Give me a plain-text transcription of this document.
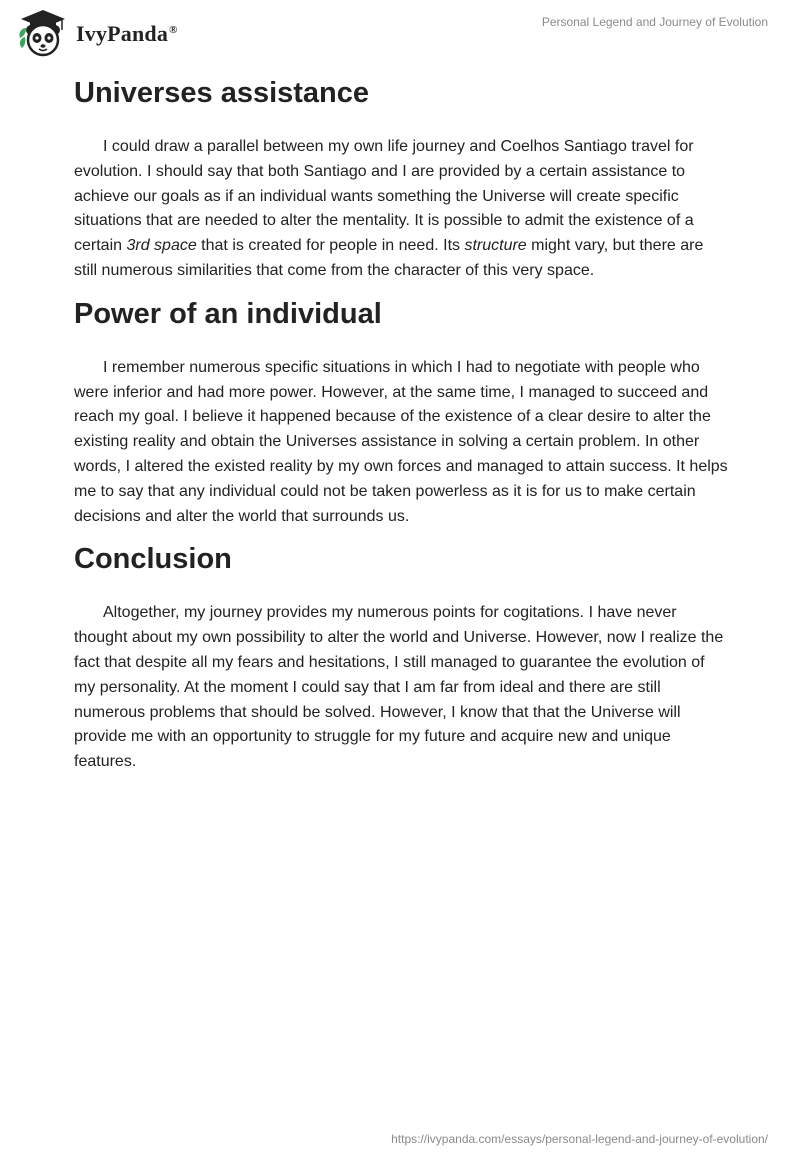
IvyPanda®
Personal Legend and Journey of Evolution
Universes assistance

I could draw a parallel between my own life journey and Coelhos Santiago travel for evolution. I should say that both Santiago and I are provided by a certain assistance to achieve our goals as if an individual wants something the Universe will create specific situations that are needed to alter the mentality. It is possible to admit the existence of a certain 3rd space that is created for people in need. Its structure might vary, but there are still numerous similarities that come from the character of this very space.

Power of an individual

I remember numerous specific situations in which I had to negotiate with people who were inferior and had more power. However, at the same time, I managed to succeed and reach my goal. I believe it happened because of the existence of a clear desire to alter the existing reality and obtain the Universes assistance in solving a certain problem. In other words, I altered the existed reality by my own forces and managed to attain success. It helps me to say that any individual could not be taken powerless as it is for us to make certain decisions and alter the world that surrounds us.

Conclusion

Altogether, my journey provides my numerous points for cogitations. I have never thought about my own possibility to alter the world and Universe. However, now I realize the fact that despite all my fears and hesitations, I still managed to guarantee the evolution of my personality. At the moment I could say that I am far from ideal and there are still numerous problems that should be solved. However, I know that that the Universe will provide me with an opportunity to struggle for my future and acquire new and unique features.

https://ivypanda.com/essays/personal-legend-and-journey-of-evolution/
